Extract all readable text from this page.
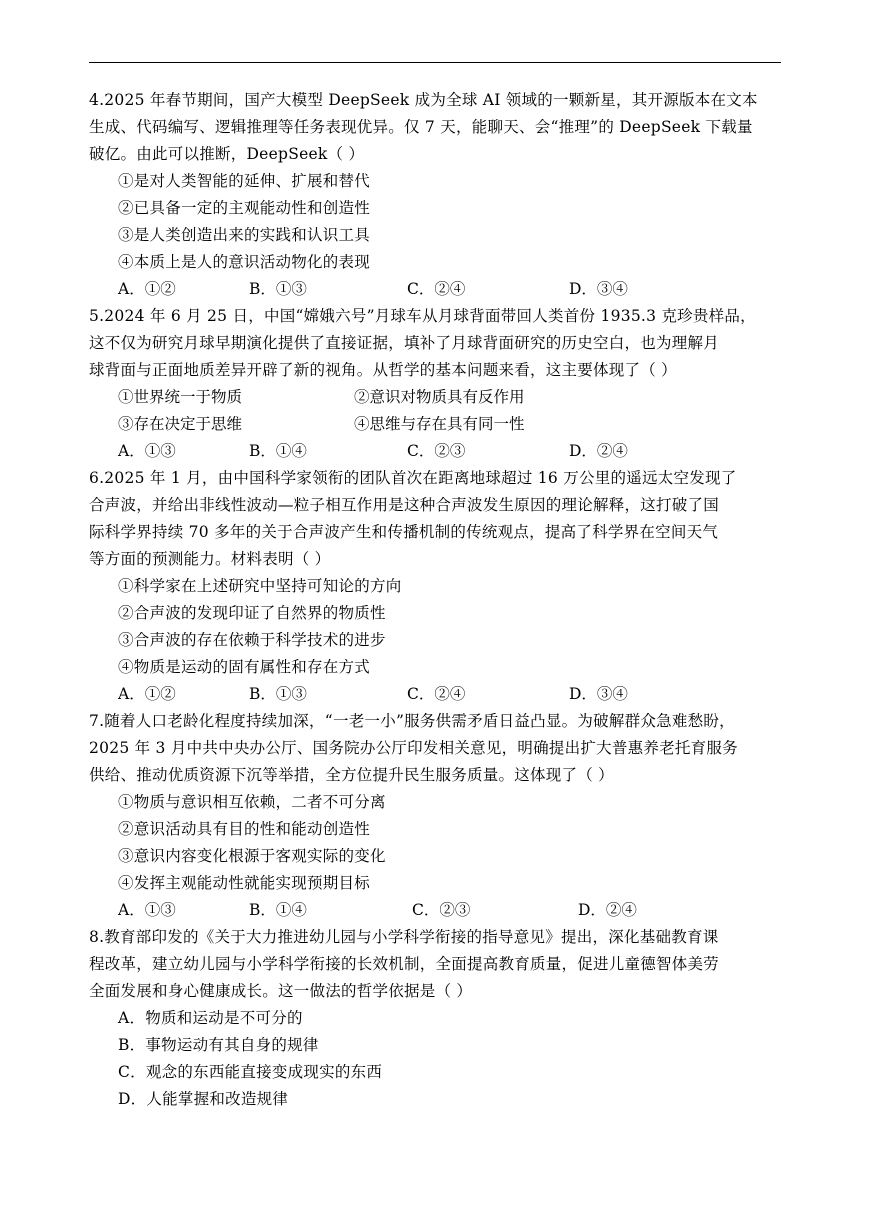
4.2025 年春节期间，国产大模型 DeepSeek 成为全球 AI 领域的一颗新星，其开源版本在文本
生成、代码编写、逻辑推理等任务表现优异。仅 7 天，能聊天、会“推理”的 DeepSeek 下载量
破亿。由此可以推断，DeepSeek（ ）
①是对人类智能的延伸、扩展和替代
②已具备一定的主观能动性和创造性
③是人类创造出来的实践和认识工具
④本质上是人的意识活动物化的表现
A．①②	B．①③	C．②④	D．③④
5.2024 年 6 月 25 日，中国“嫦娥六号”月球车从月球背面带回人类首份 1935.3 克珍贵样品，
这不仅为研究月球早期演化提供了直接证据，填补了月球背面研究的历史空白，也为理解月
球背面与正面地质差异开辟了新的视角。从哲学的基本问题来看，这主要体现了（ ）
①世界统一于物质	②意识对物质具有反作用
③存在决定于思维	④思维与存在具有同一性
A．①③	B．①④	C．②③	D．②④
6.2025 年 1 月，由中国科学家领衔的团队首次在距离地球超过 16 万公里的遥远太空发现了
合声波，并给出非线性波动—粒子相互作用是这种合声波发生原因的理论解释，这打破了国
际科学界持续 70 多年的关于合声波产生和传播机制的传统观点，提高了科学界在空间天气
等方面的预测能力。材料表明（ ）
①科学家在上述研究中坚持可知论的方向
②合声波的发现印证了自然界的物质性
③合声波的存在依赖于科学技术的进步
④物质是运动的固有属性和存在方式
A．①②	B．①③	C．②④	D．③④
7.随着人口老龄化程度持续加深，“一老一小”服务供需矛盾日益凸显。为破解群众急难愁盼，
2025 年 3 月中共中央办公厅、国务院办公厅印发相关意见，明确提出扩大普惠养老托育服务
供给、推动优质资源下沉等举措，全方位提升民生服务质量。这体现了（ ）
①物质与意识相互依赖，二者不可分离
②意识活动具有目的性和能动创造性
③意识内容变化根源于客观实际的变化
④发挥主观能动性就能实现预期目标
A．①③	B．①④	C．②③	D．②④
8.教育部印发的《关于大力推进幼儿园与小学科学衔接的指导意见》提出，深化基础教育课
程改革，建立幼儿园与小学科学衔接的长效机制，全面提高教育质量，促进儿童德智体美劳
全面发展和身心健康成长。这一做法的哲学依据是（ ）
A．物质和运动是不可分的
B．事物运动有其自身的规律
C．观念的东西能直接变成现实的东西
D．人能掌握和改造规律
